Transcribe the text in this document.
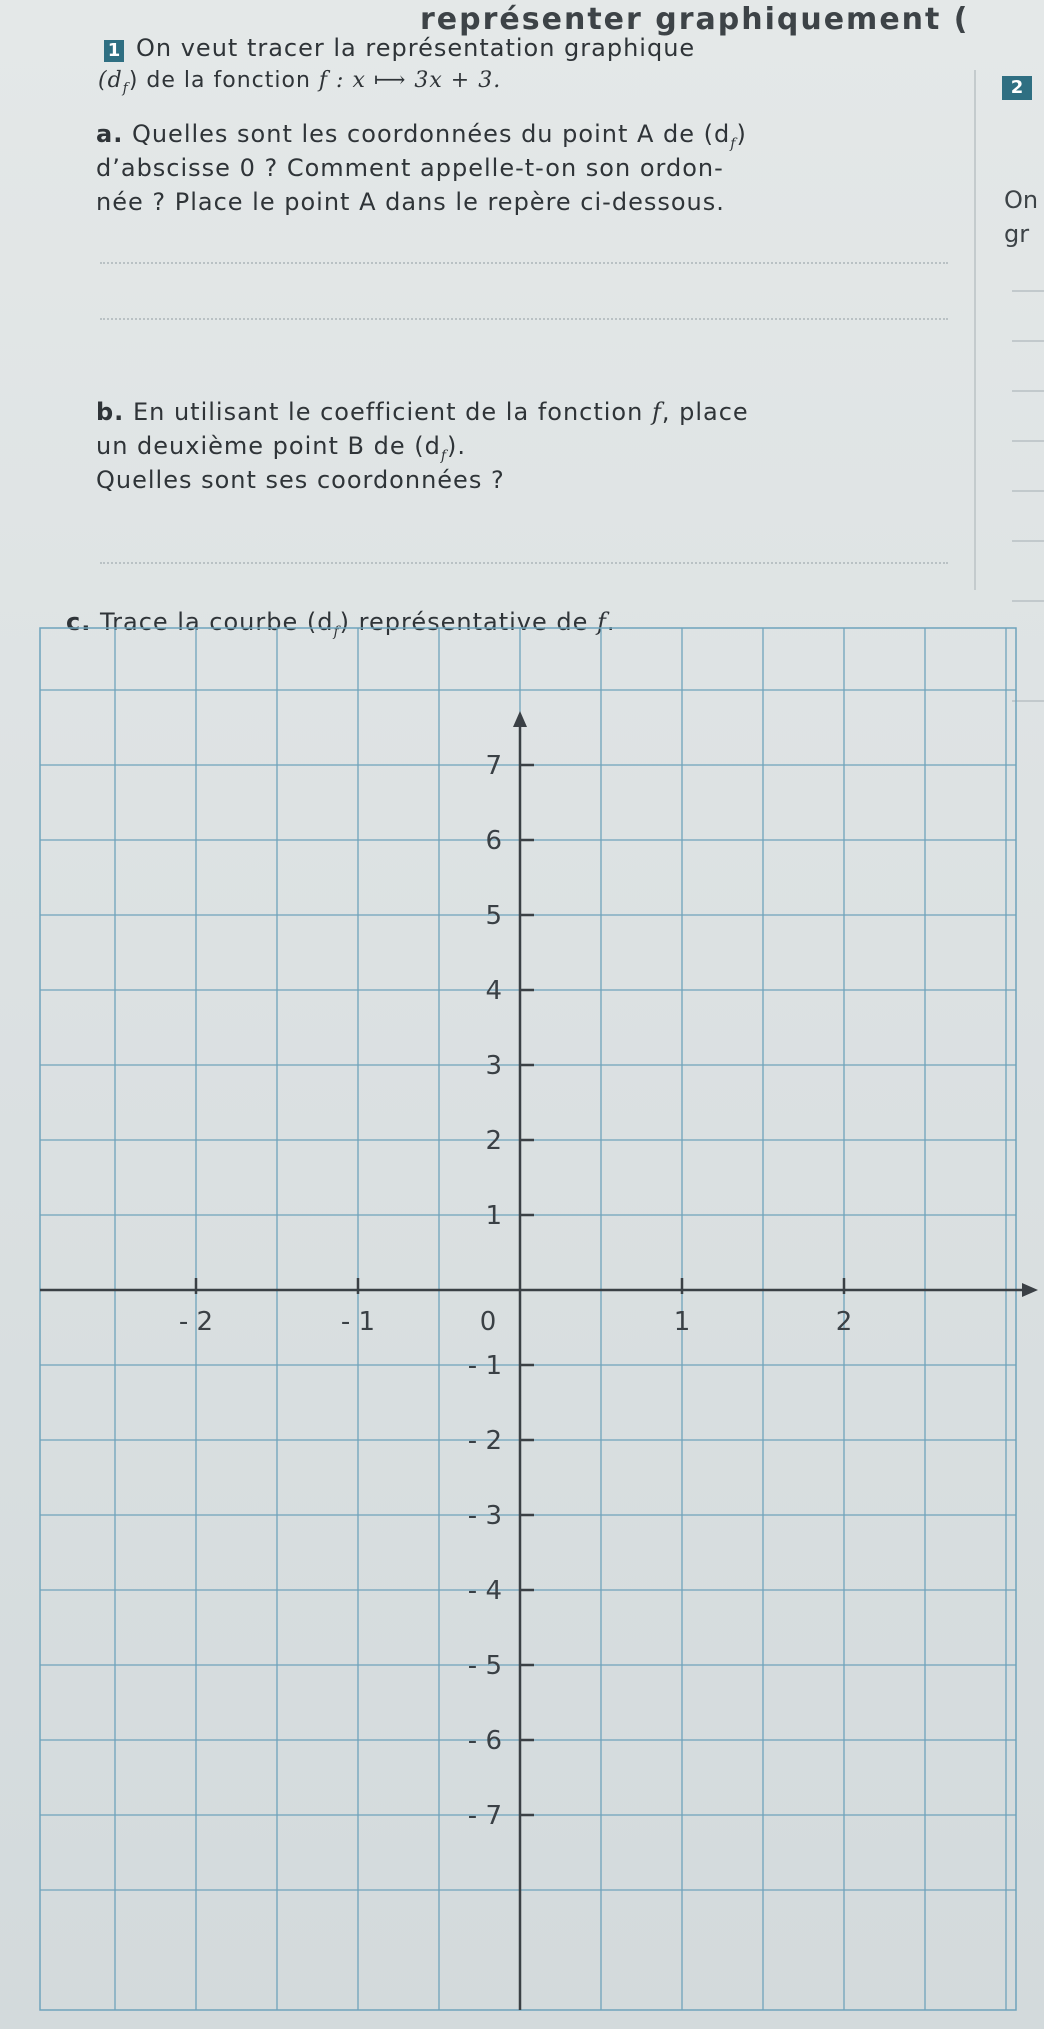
représenter graphiquement (
1
2
On veut tracer la représentation graphique
$(d_f)$ de la fonction f : x ⟼ 3x + 3.
a. Quelles sont les coordonnées du point A de $(d_f)$
d’abscisse 0 ? Comment appelle-t-on son ordon-
née ? Place le point A dans le repère ci-dessous.
b. En utilisant le coefficient de la fonction f, place
un deuxième point B de $(d_f)$.
Quelles sont ses coordonnées ?
c. Trace la courbe $(d_f)$ représentative de f.
On
gr
- 2	- 1	0	1	2
7
6
5
4
3
2
1
- 1
- 2
- 3
- 4
- 5
- 6
- 7
